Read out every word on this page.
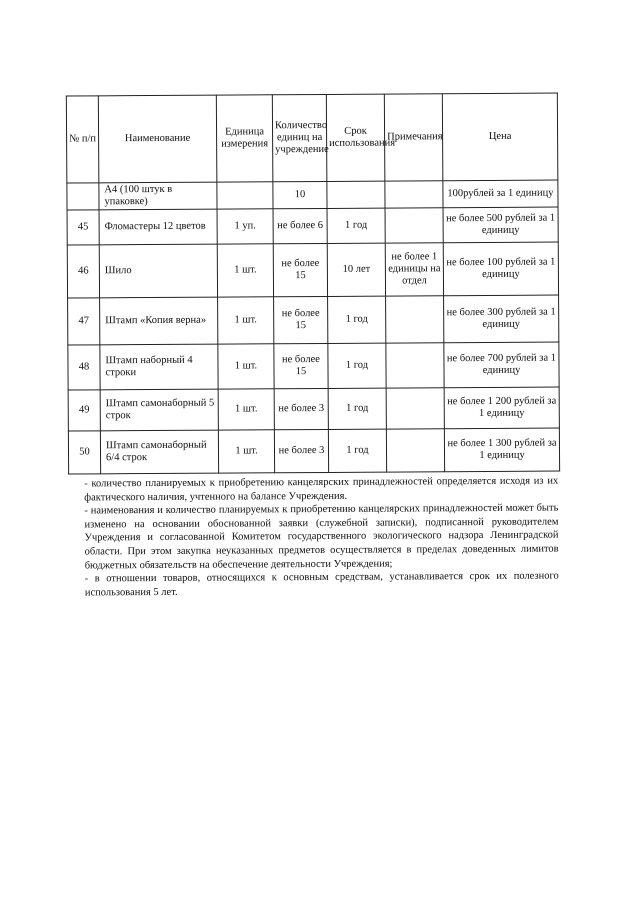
№ п/п	Наименование	Единица измерения	Количество единиц на учреждение	Срок использования	Примечания	Цена
	А4 (100 штук в упаковке)		10			100рублей за 1 единицу
45	Фломастеры 12 цветов	1 уп.	не более 6	1 год		не более 500 рублей за 1 единицу
46	Шило	1 шт.	не более 15	10 лет	не более 1 единицы на отдел	не более 100 рублей за 1 единицу
47	Штамп «Копия верна»	1 шт.	не более 15	1 год		не более 300 рублей за 1 единицу
48	Штамп наборный 4 строки	1 шт.	не более 15	1 год		не более 700 рублей за 1 единицу
49	Штамп самонаборный 5 строк	1 шт.	не более 3	1 год		не более 1 200 рублей за 1 единицу
50	Штамп самонаборный 6/4 строк	1 шт.	не более 3	1 год		не более 1 300 рублей за 1 единицу

- количество планируемых к приобретению канцелярских принадлежностей определяется исходя из их фактического наличия, учтенного на балансе Учреждения.

- наименования и количество планируемых к приобретению канцелярских принадлежностей может быть изменено на основании обоснованной заявки (служебной записки), подписанной руководителем Учреждения и согласованной Комитетом государственного экологического надзора Ленинградской области. При этом закупка неуказанных предметов осуществляется в пределах доведенных лимитов бюджетных обязательств на обеспечение деятельности Учреждения;

- в отношении товаров, относящихся к основным средствам, устанавливается срок их полезного использования 5 лет.
